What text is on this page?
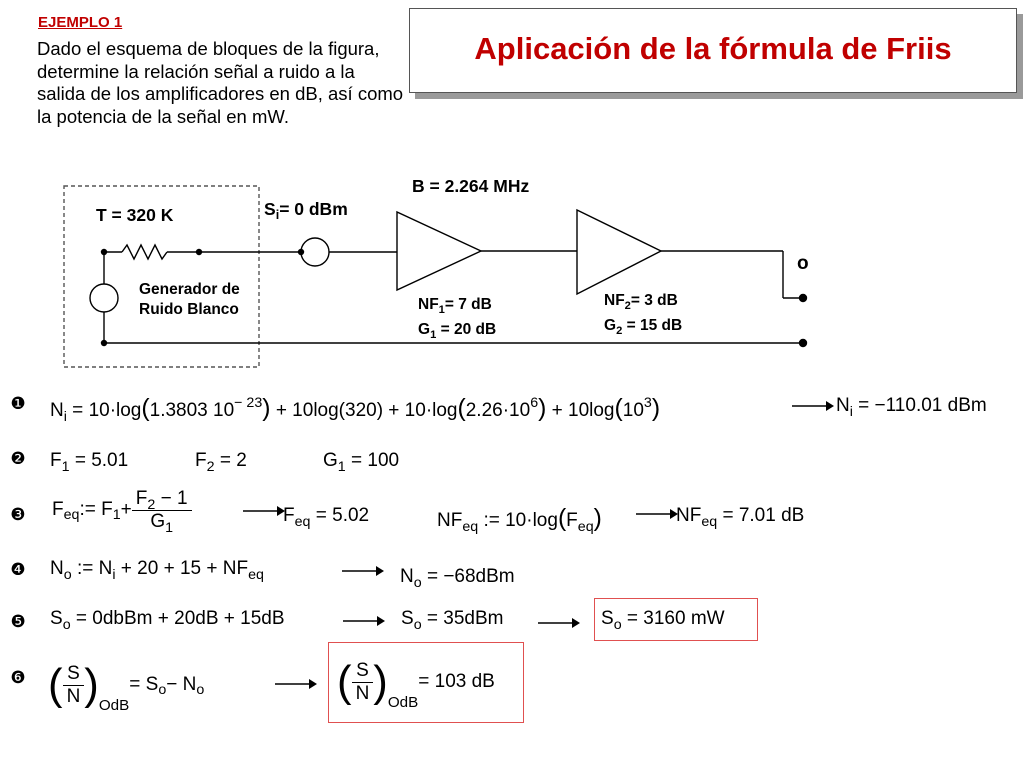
EJEMPLO 1
Dado el esquema de bloques de la figura, determine la relación señal a ruido a la salida de los amplificadores en dB, así como la potencia de la señal en mW.
Aplicación de la fórmula de Friis
T = 320 K
Generador de
Ruido Blanco
$S_i= 0$ dBm
B = 2.264 MHz
$NF_1= 7$ dB
$G_1 = 20$ dB
$NF_2= 3$ dB
$G_2 = 15$ dB
o
❶
❷
❸
❹
❺
❻
$N_i = 10\cdot\log(1.3803$ $10^{- 23}) + 10\log(320) + 10\cdot\log(2.26\cdot 10^6) + 10\log(10^3)$	$N_i = -110.01$ dBm
$F_1 = 5.01$	$F_2 = 2$	$G_1 = 100$
F eq := F $1 + \frac{F_2 - 1}{G_1}$	$F_{eq} = 5.02$	$NF_{eq}$ := $10\cdot\log(F_{eq})$	$NF_{eq} = 7.01$ dB
$N_o$ := $N_i + 20 + 15 + NF_{eq}$	$N_o = -68dBm$
$S_o$ = 0dbBm + 20dB + 15dB	$S_o = 35dBm$	$S_o = 3160$ mW
( $\frac{S}{N}$ ) OdB
= S o − N o	( $\frac{S}{N}$ ) OdB
= 103 dB
